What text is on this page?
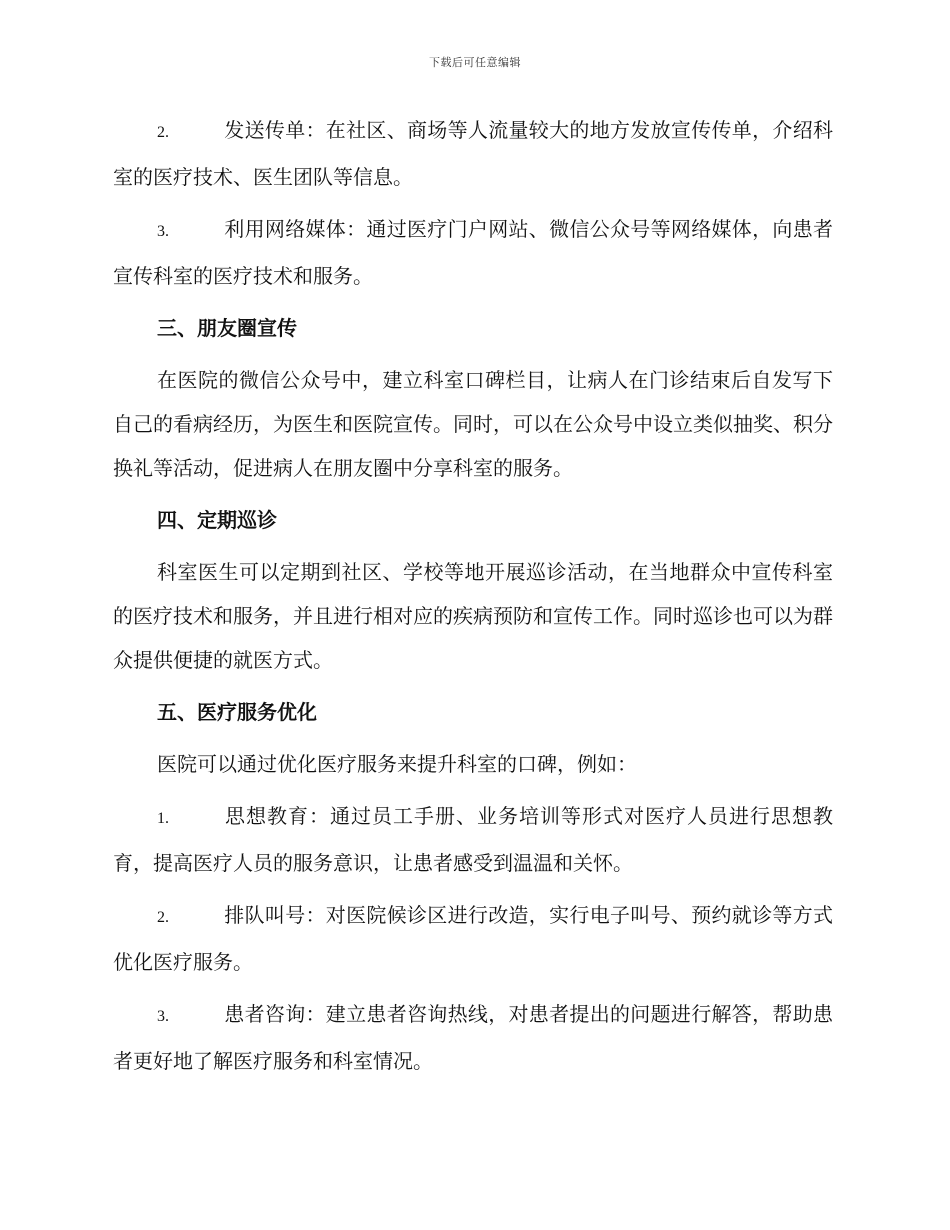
下载后可任意编辑

2.	发送传单：在社区、商场等人流量较大的地方发放宣传传单，介绍科室的医疗技术、医生团队等信息。

3.	利用网络媒体：通过医疗门户网站、微信公众号等网络媒体，向患者宣传科室的医疗技术和服务。

三、朋友圈宣传

在医院的微信公众号中，建立科室口碑栏目，让病人在门诊结束后自发写下自己的看病经历，为医生和医院宣传。同时，可以在公众号中设立类似抽奖、积分换礼等活动，促进病人在朋友圈中分享科室的服务。

四、定期巡诊

科室医生可以定期到社区、学校等地开展巡诊活动，在当地群众中宣传科室的医疗技术和服务，并且进行相对应的疾病预防和宣传工作。同时巡诊也可以为群众提供便捷的就医方式。

五、医疗服务优化

医院可以通过优化医疗服务来提升科室的口碑，例如：

1.	思想教育：通过员工手册、业务培训等形式对医疗人员进行思想教育，提高医疗人员的服务意识，让患者感受到温温和关怀。

2.	排队叫号：对医院候诊区进行改造，实行电子叫号、预约就诊等方式优化医疗服务。

3.	患者咨询：建立患者咨询热线，对患者提出的问题进行解答，帮助患者更好地了解医疗服务和科室情况。
